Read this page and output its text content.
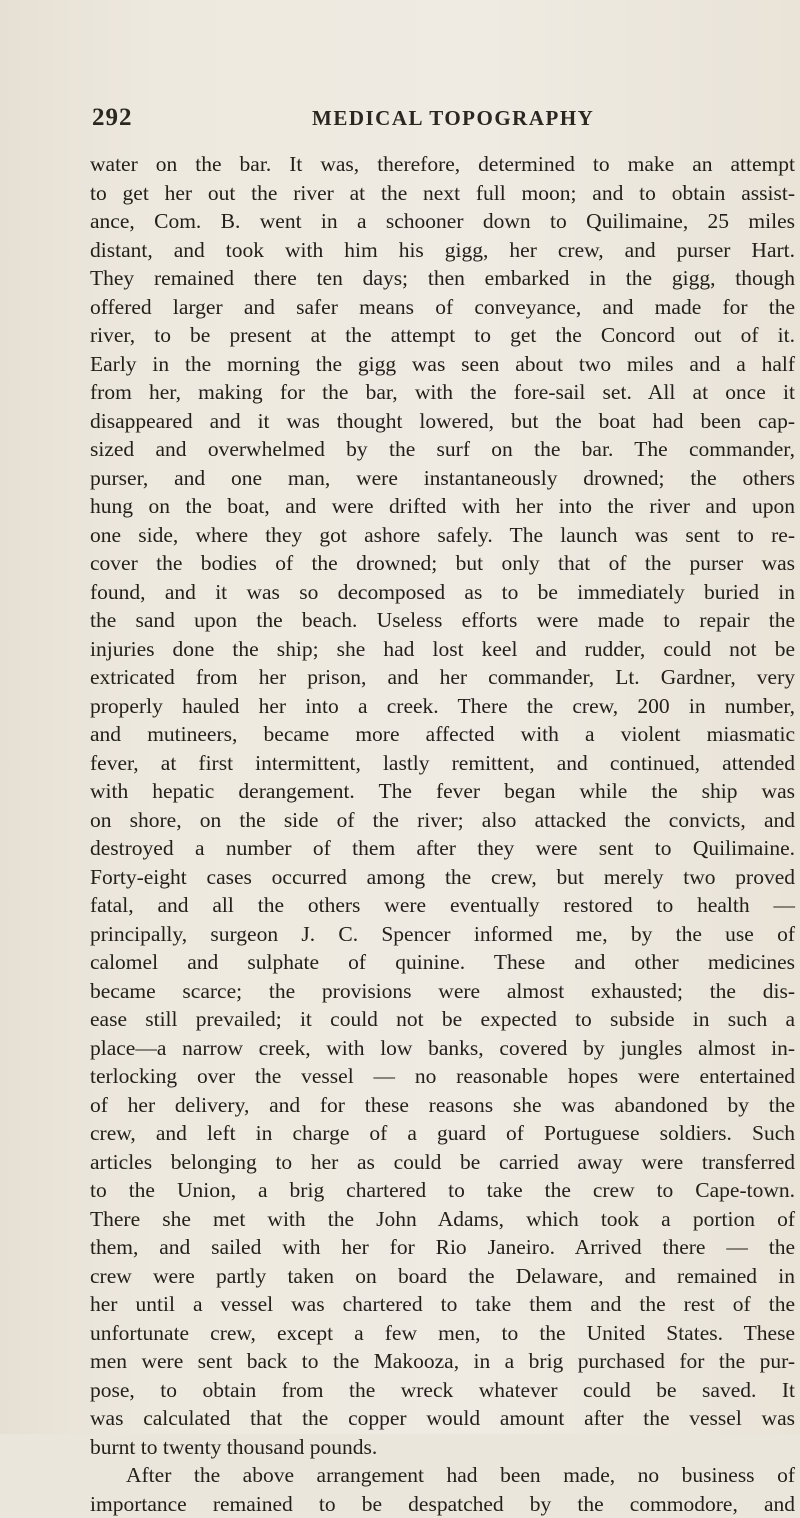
292	MEDICAL TOPOGRAPHY
water on the bar. It was, therefore, determined to make an attempt
to get her out the river at the next full moon; and to obtain assist-
ance, Com. B. went in a schooner down to Quilimaine, 25 miles
distant, and took with him his gigg, her crew, and purser Hart.
They remained there ten days; then embarked in the gigg, though
offered larger and safer means of conveyance, and made for the
river, to be present at the attempt to get the Concord out of it.
Early in the morning the gigg was seen about two miles and a half
from her, making for the bar, with the fore-sail set. All at once it
disappeared and it was thought lowered, but the boat had been cap-
sized and overwhelmed by the surf on the bar. The commander,
purser, and one man, were instantaneously drowned; the others
hung on the boat, and were drifted with her into the river and upon
one side, where they got ashore safely. The launch was sent to re-
cover the bodies of the drowned; but only that of the purser was
found, and it was so decomposed as to be immediately buried in
the sand upon the beach. Useless efforts were made to repair the
injuries done the ship; she had lost keel and rudder, could not be
extricated from her prison, and her commander, Lt. Gardner, very
properly hauled her into a creek. There the crew, 200 in number,
and mutineers, became more affected with a violent miasmatic
fever, at first intermittent, lastly remittent, and continued, attended
with hepatic derangement. The fever began while the ship was
on shore, on the side of the river; also attacked the convicts, and
destroyed a number of them after they were sent to Quilimaine.
Forty-eight cases occurred among the crew, but merely two proved
fatal, and all the others were eventually restored to health —
principally, surgeon J. C. Spencer informed me, by the use of
calomel and sulphate of quinine. These and other medicines
became scarce; the provisions were almost exhausted; the dis-
ease still prevailed; it could not be expected to subside in such a
place—a narrow creek, with low banks, covered by jungles almost in-
terlocking over the vessel — no reasonable hopes were entertained
of her delivery, and for these reasons she was abandoned by the
crew, and left in charge of a guard of Portuguese soldiers. Such
articles belonging to her as could be carried away were transferred
to the Union, a brig chartered to take the crew to Cape-town.
There she met with the John Adams, which took a portion of
them, and sailed with her for Rio Janeiro. Arrived there — the
crew were partly taken on board the Delaware, and remained in
her until a vessel was chartered to take them and the rest of the
unfortunate crew, except a few men, to the United States. These
men were sent back to the Makooza, in a brig purchased for the pur-
pose, to obtain from the wreck whatever could be saved. It
was calculated that the copper would amount after the vessel was
burnt to twenty thousand pounds.
After the above arrangement had been made, no business of
importance remained to be despatched by the commodore, and
